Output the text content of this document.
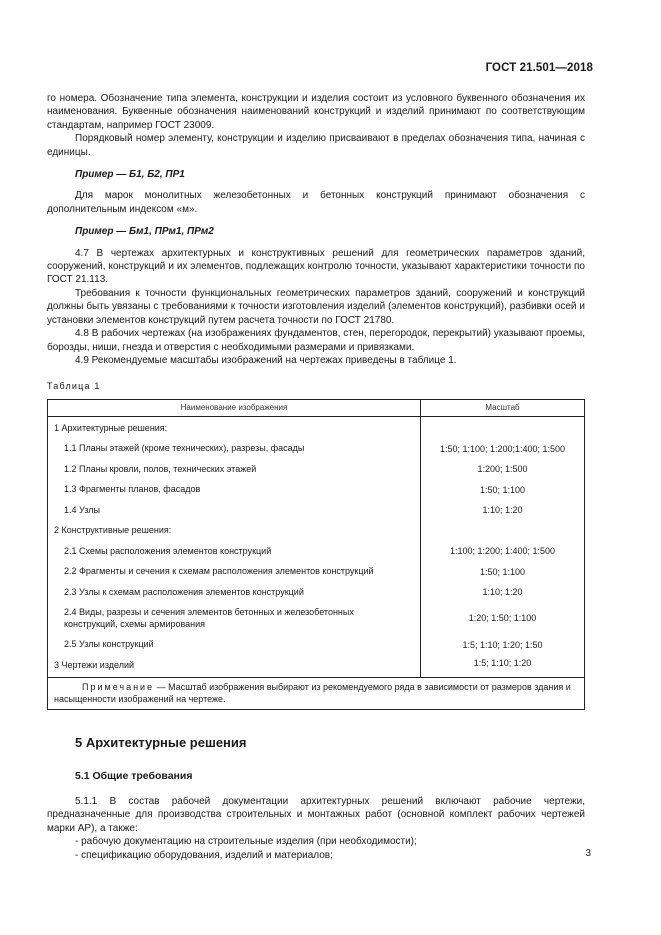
ГОСТ 21.501—2018

го номера. Обозначение типа элемента, конструкции и изделия состоит из условного буквенного обозначения их наименования. Буквенные обозначения наименований конструкций и изделий принимают по соответствующим стандартам, например ГОСТ 23009.

Порядковый номер элементу, конструкции и изделию присваивают в пределах обозначения типа, начиная с единицы.

Пример — Б1, Б2, ПР1

Для марок монолитных железобетонных и бетонных конструкций принимают обозначения с дополнительным индексом «м».

Пример — Бм1, ПРм1, ПРм2

4.7 В чертежах архитектурных и конструктивных решений для геометрических параметров зданий, сооружений, конструкций и их элементов, подлежащих контролю точности, указывают характеристики точности по ГОСТ 21.113.

Требования к точности функциональных геометрических параметров зданий, сооружений и конструкций должны быть увязаны с требованиями к точности изготовления изделий (элементов конструкций), разбивки осей и установки элементов конструкций путем расчета точности по ГОСТ 21780.

4.8 В рабочих чертежах (на изображениях фундаментов, стен, перегородок, перекрытий) указывают проемы, борозды, ниши, гнезда и отверстия с необходимыми размерами и привязками.

4.9 Рекомендуемые масштабы изображений на чертежах приведены в таблице 1.

Таблица 1
Наименование изображения	Масштаб
1 Архитектурные решения:	
1.1 Планы этажей (кроме технических), разрезы, фасады	1:50; 1:100; 1:200;1:400; 1:500
1.2 Планы кровли, полов, технических этажей	1:200; 1:500
1.3 Фрагменты планов, фасадов	1:50; 1:100
1.4 Узлы	1:10; 1:20
2 Конструктивные решения:	
2.1 Схемы расположения элементов конструкций	1:100; 1:200; 1:400; 1:500
2.2 Фрагменты и сечения к схемам расположения элементов конструкций	1:50; 1:100
2.3 Узлы к схемам расположения элементов конструкций	1:10; 1:20
2.4 Виды, разрезы и сечения элементов бетонных и железобетонных конструкций, схемы армирования	1:20; 1:50; 1:100
2.5 Узлы конструкций	1:5; 1:10; 1:20; 1:50
3 Чертежи изделий	1:5; 1:10; 1:20
Примечание — Масштаб изображения выбирают из рекомендуемого ряда в зависимости от размеров здания и насыщенности изображений на чертеже.	
5 Архитектурные решения
5.1 Общие требования

5.1.1 В состав рабочей документации архитектурных решений включают рабочие чертежи, предназначенные для производства строительных и монтажных работ (основной комплект рабочих чертежей марки АР), а также:

- рабочую документацию на строительные изделия (при необходимости);

- спецификацию оборудования, изделий и материалов;	3
